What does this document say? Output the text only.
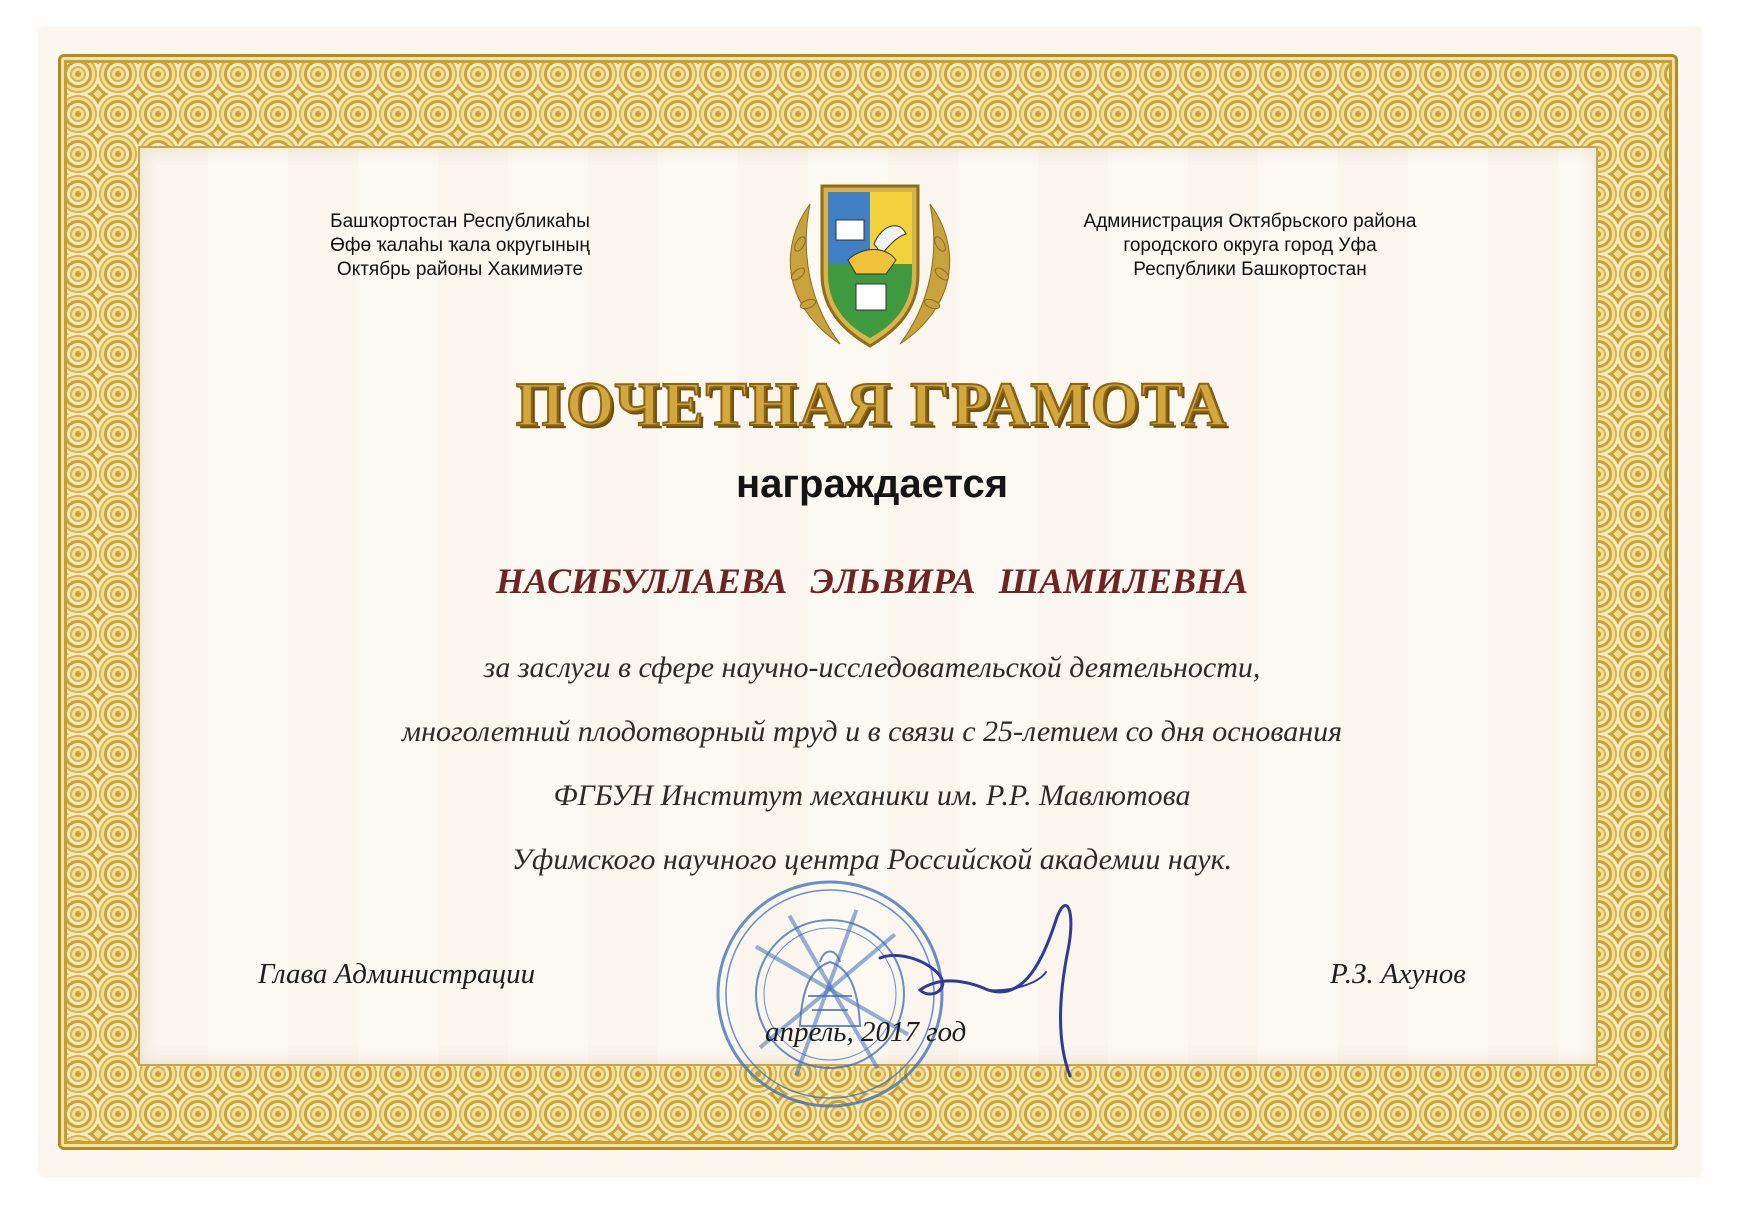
Башҡортостан Республикаһы
Өфө ҡалаһы ҡала округының
Октябрь районы Хакимиәте
Администрация Октябрьского района
городского округа город Уфа
Республики Башкортостан
ПОЧЕТНАЯ ГРАМОТА
награждается
НАСИБУЛЛАЕВА ЭЛЬВИРА ШАМИЛЕВНА
за заслуги в сфере научно-исследовательской деятельности,
многолетний плодотворный труд и в связи с 25-летием со дня основания
ФГБУН Институт механики им. Р.Р. Мавлютова
Уфимского научного центра Российской академии наук.
Глава Администрации	Р.З. Ахунов
апрель, 2017 год
